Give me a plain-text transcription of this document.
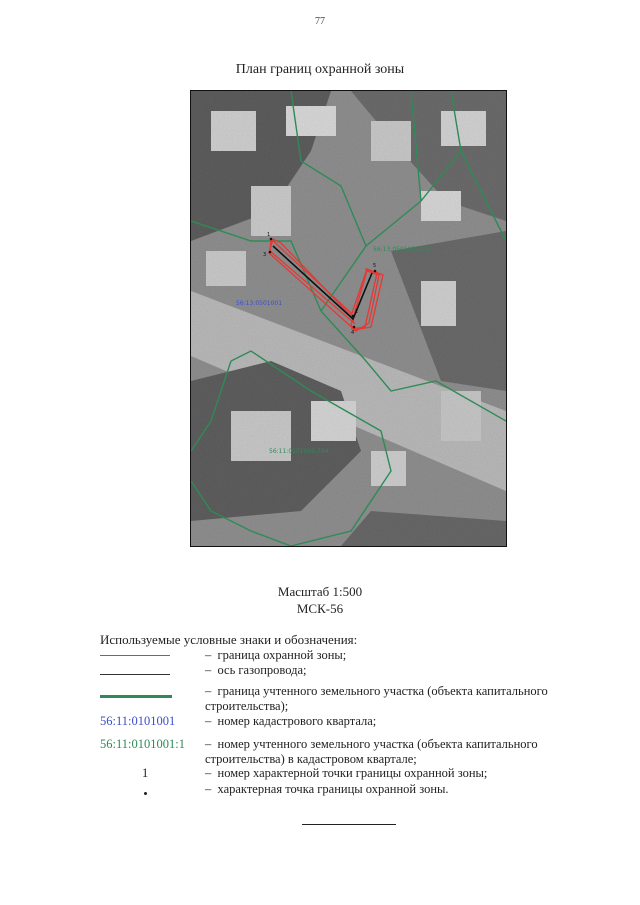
77
План границ охранной зоны
1
3
2
4
5
56:13:0501001
56:13:0501001:252
56:11:0101001:794
Масштаб 1:500
МСК-56
Используемые условные знаки и обозначения:
– граница охранной зоны;
– ось газопровода;
– граница учтенного земельного участка (объекта капитального строительства);
56:11:0101001	– номер кадастрового квартала;
56:11:0101001:1	– номер учтенного земельного участка (объекта капитального строительства) в кадастровом квартале;
1	– номер характерной точки границы охранной зоны;
– характерная точка границы охранной зоны.
